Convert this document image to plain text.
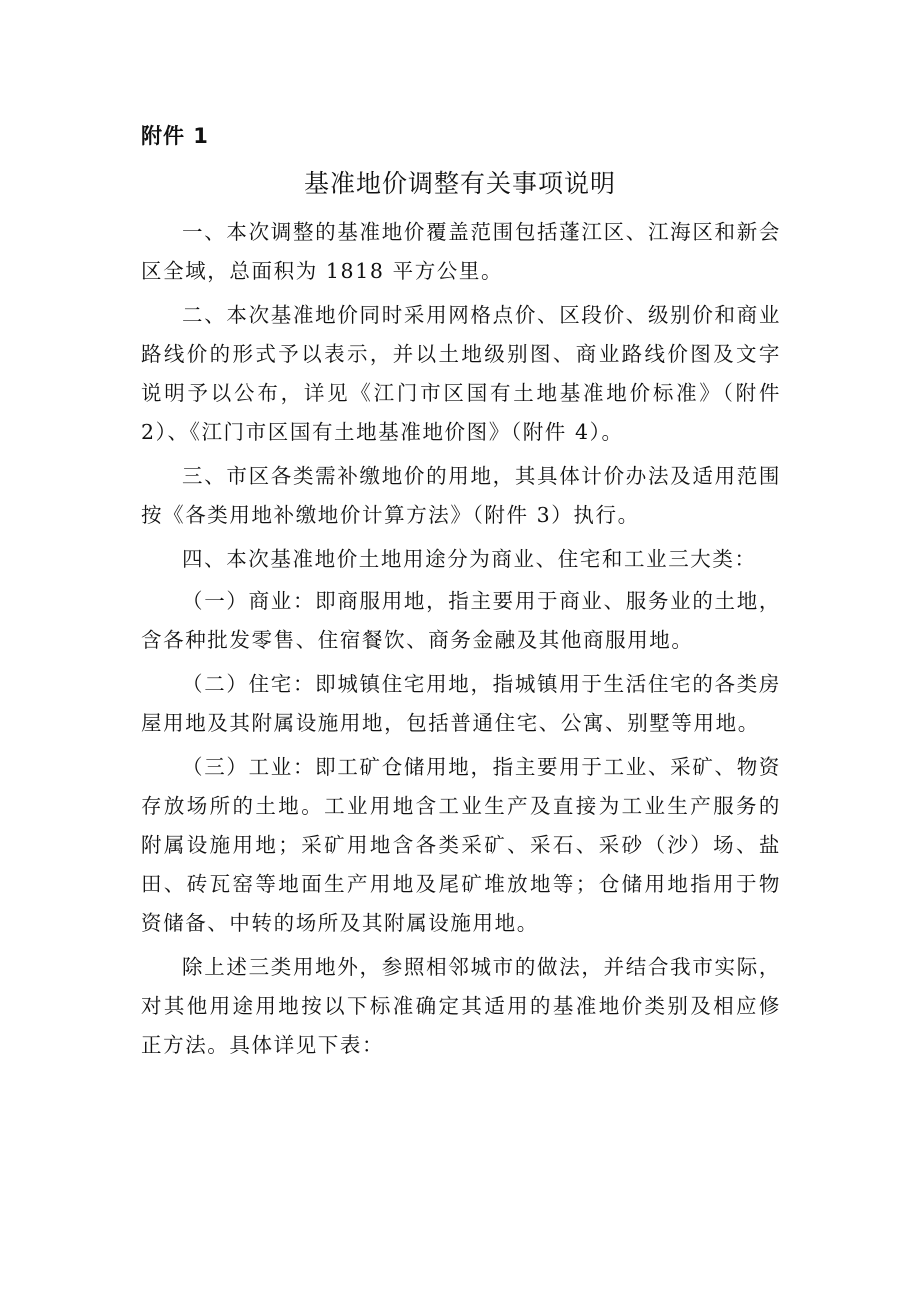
附件 1
基准地价调整有关事项说明

一、本次调整的基准地价覆盖范围包括蓬江区、江海区和新会区全域，总面积为 1818 平方公里。

二、本次基准地价同时采用网格点价、区段价、级别价和商业路线价的形式予以表示，并以土地级别图、商业路线价图及文字说明予以公布，详见《江门市区国有土地基准地价标准》（附件 2）、《江门市区国有土地基准地价图》（附件 4）。

三、市区各类需补缴地价的用地，其具体计价办法及适用范围按《各类用地补缴地价计算方法》（附件 3）执行。

四、本次基准地价土地用途分为商业、住宅和工业三大类：

（一）商业：即商服用地，指主要用于商业、服务业的土地，含各种批发零售、住宿餐饮、商务金融及其他商服用地。

（二）住宅：即城镇住宅用地，指城镇用于生活住宅的各类房屋用地及其附属设施用地，包括普通住宅、公寓、别墅等用地。

（三）工业：即工矿仓储用地，指主要用于工业、采矿、物资存放场所的土地。工业用地含工业生产及直接为工业生产服务的附属设施用地；采矿用地含各类采矿、采石、采砂（沙）场、盐田、砖瓦窑等地面生产用地及尾矿堆放地等；仓储用地指用于物资储备、中转的场所及其附属设施用地。

除上述三类用地外，参照相邻城市的做法，并结合我市实际，对其他用途用地按以下标准确定其适用的基准地价类别及相应修正方法。具体详见下表：
